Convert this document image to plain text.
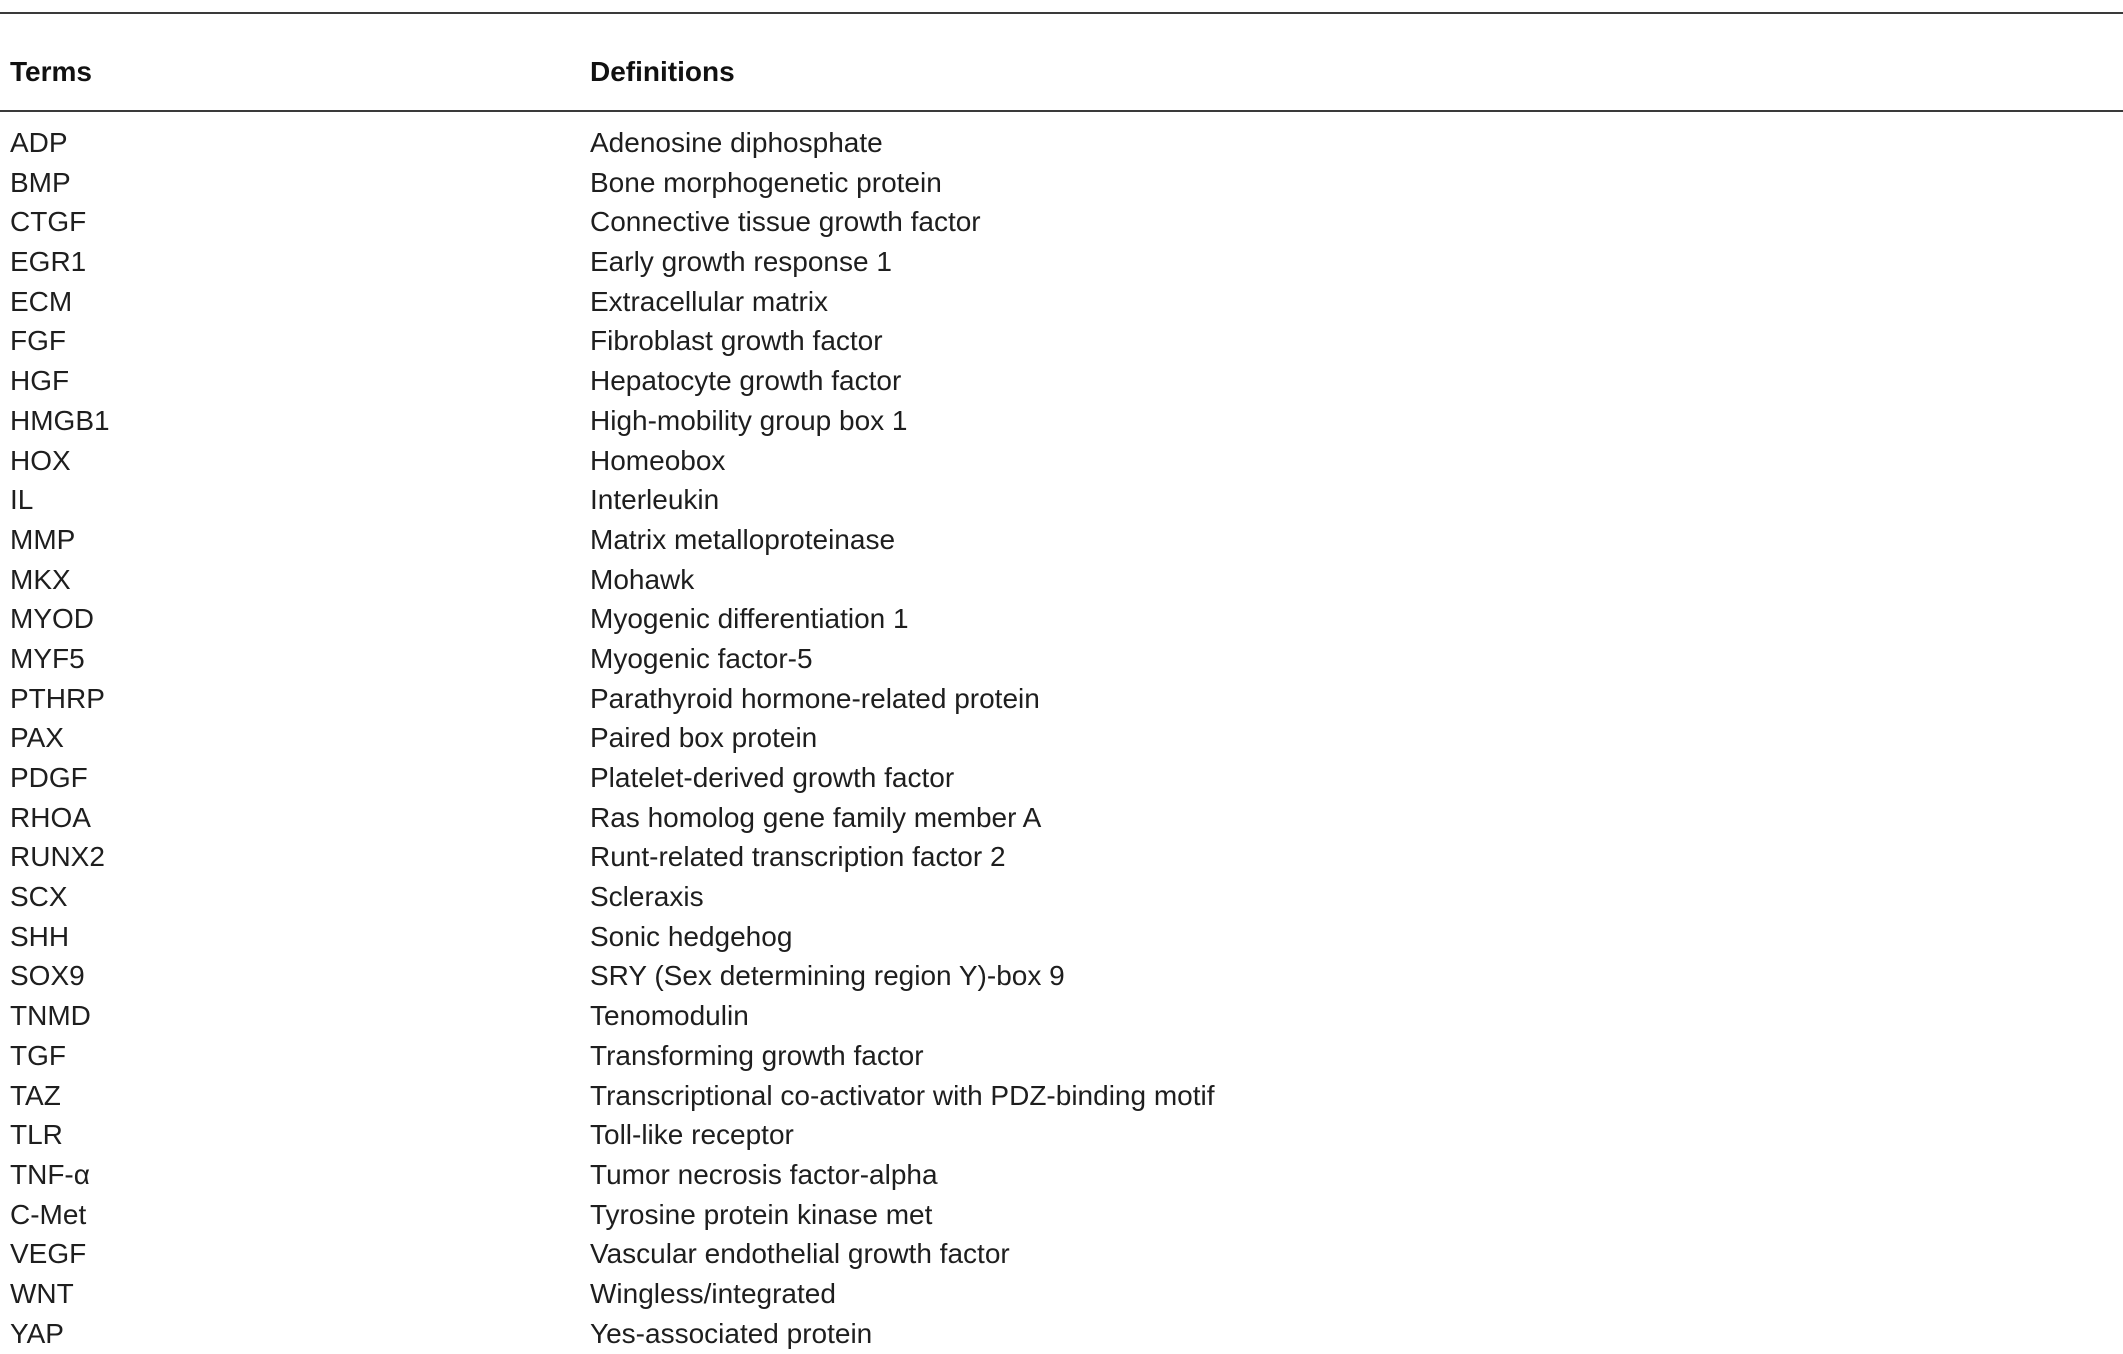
Terms	Definitions
ADP	Adenosine diphosphate
BMP	Bone morphogenetic protein
CTGF	Connective tissue growth factor
EGR1	Early growth response 1
ECM	Extracellular matrix
FGF	Fibroblast growth factor
HGF	Hepatocyte growth factor
HMGB1	High-mobility group box 1
HOX	Homeobox
IL	Interleukin
MMP	Matrix metalloproteinase
MKX	Mohawk
MYOD	Myogenic differentiation 1
MYF5	Myogenic factor-5
PTHRP	Parathyroid hormone-related protein
PAX	Paired box protein
PDGF	Platelet-derived growth factor
RHOA	Ras homolog gene family member A
RUNX2	Runt-related transcription factor 2
SCX	Scleraxis
SHH	Sonic hedgehog
SOX9	SRY (Sex determining region Y)-box 9
TNMD	Tenomodulin
TGF	Transforming growth factor
TAZ	Transcriptional co-activator with PDZ-binding motif
TLR	Toll-like receptor
TNF-α	Tumor necrosis factor-alpha
C-Met	Tyrosine protein kinase met
VEGF	Vascular endothelial growth factor
WNT	Wingless/integrated
YAP	Yes-associated protein
